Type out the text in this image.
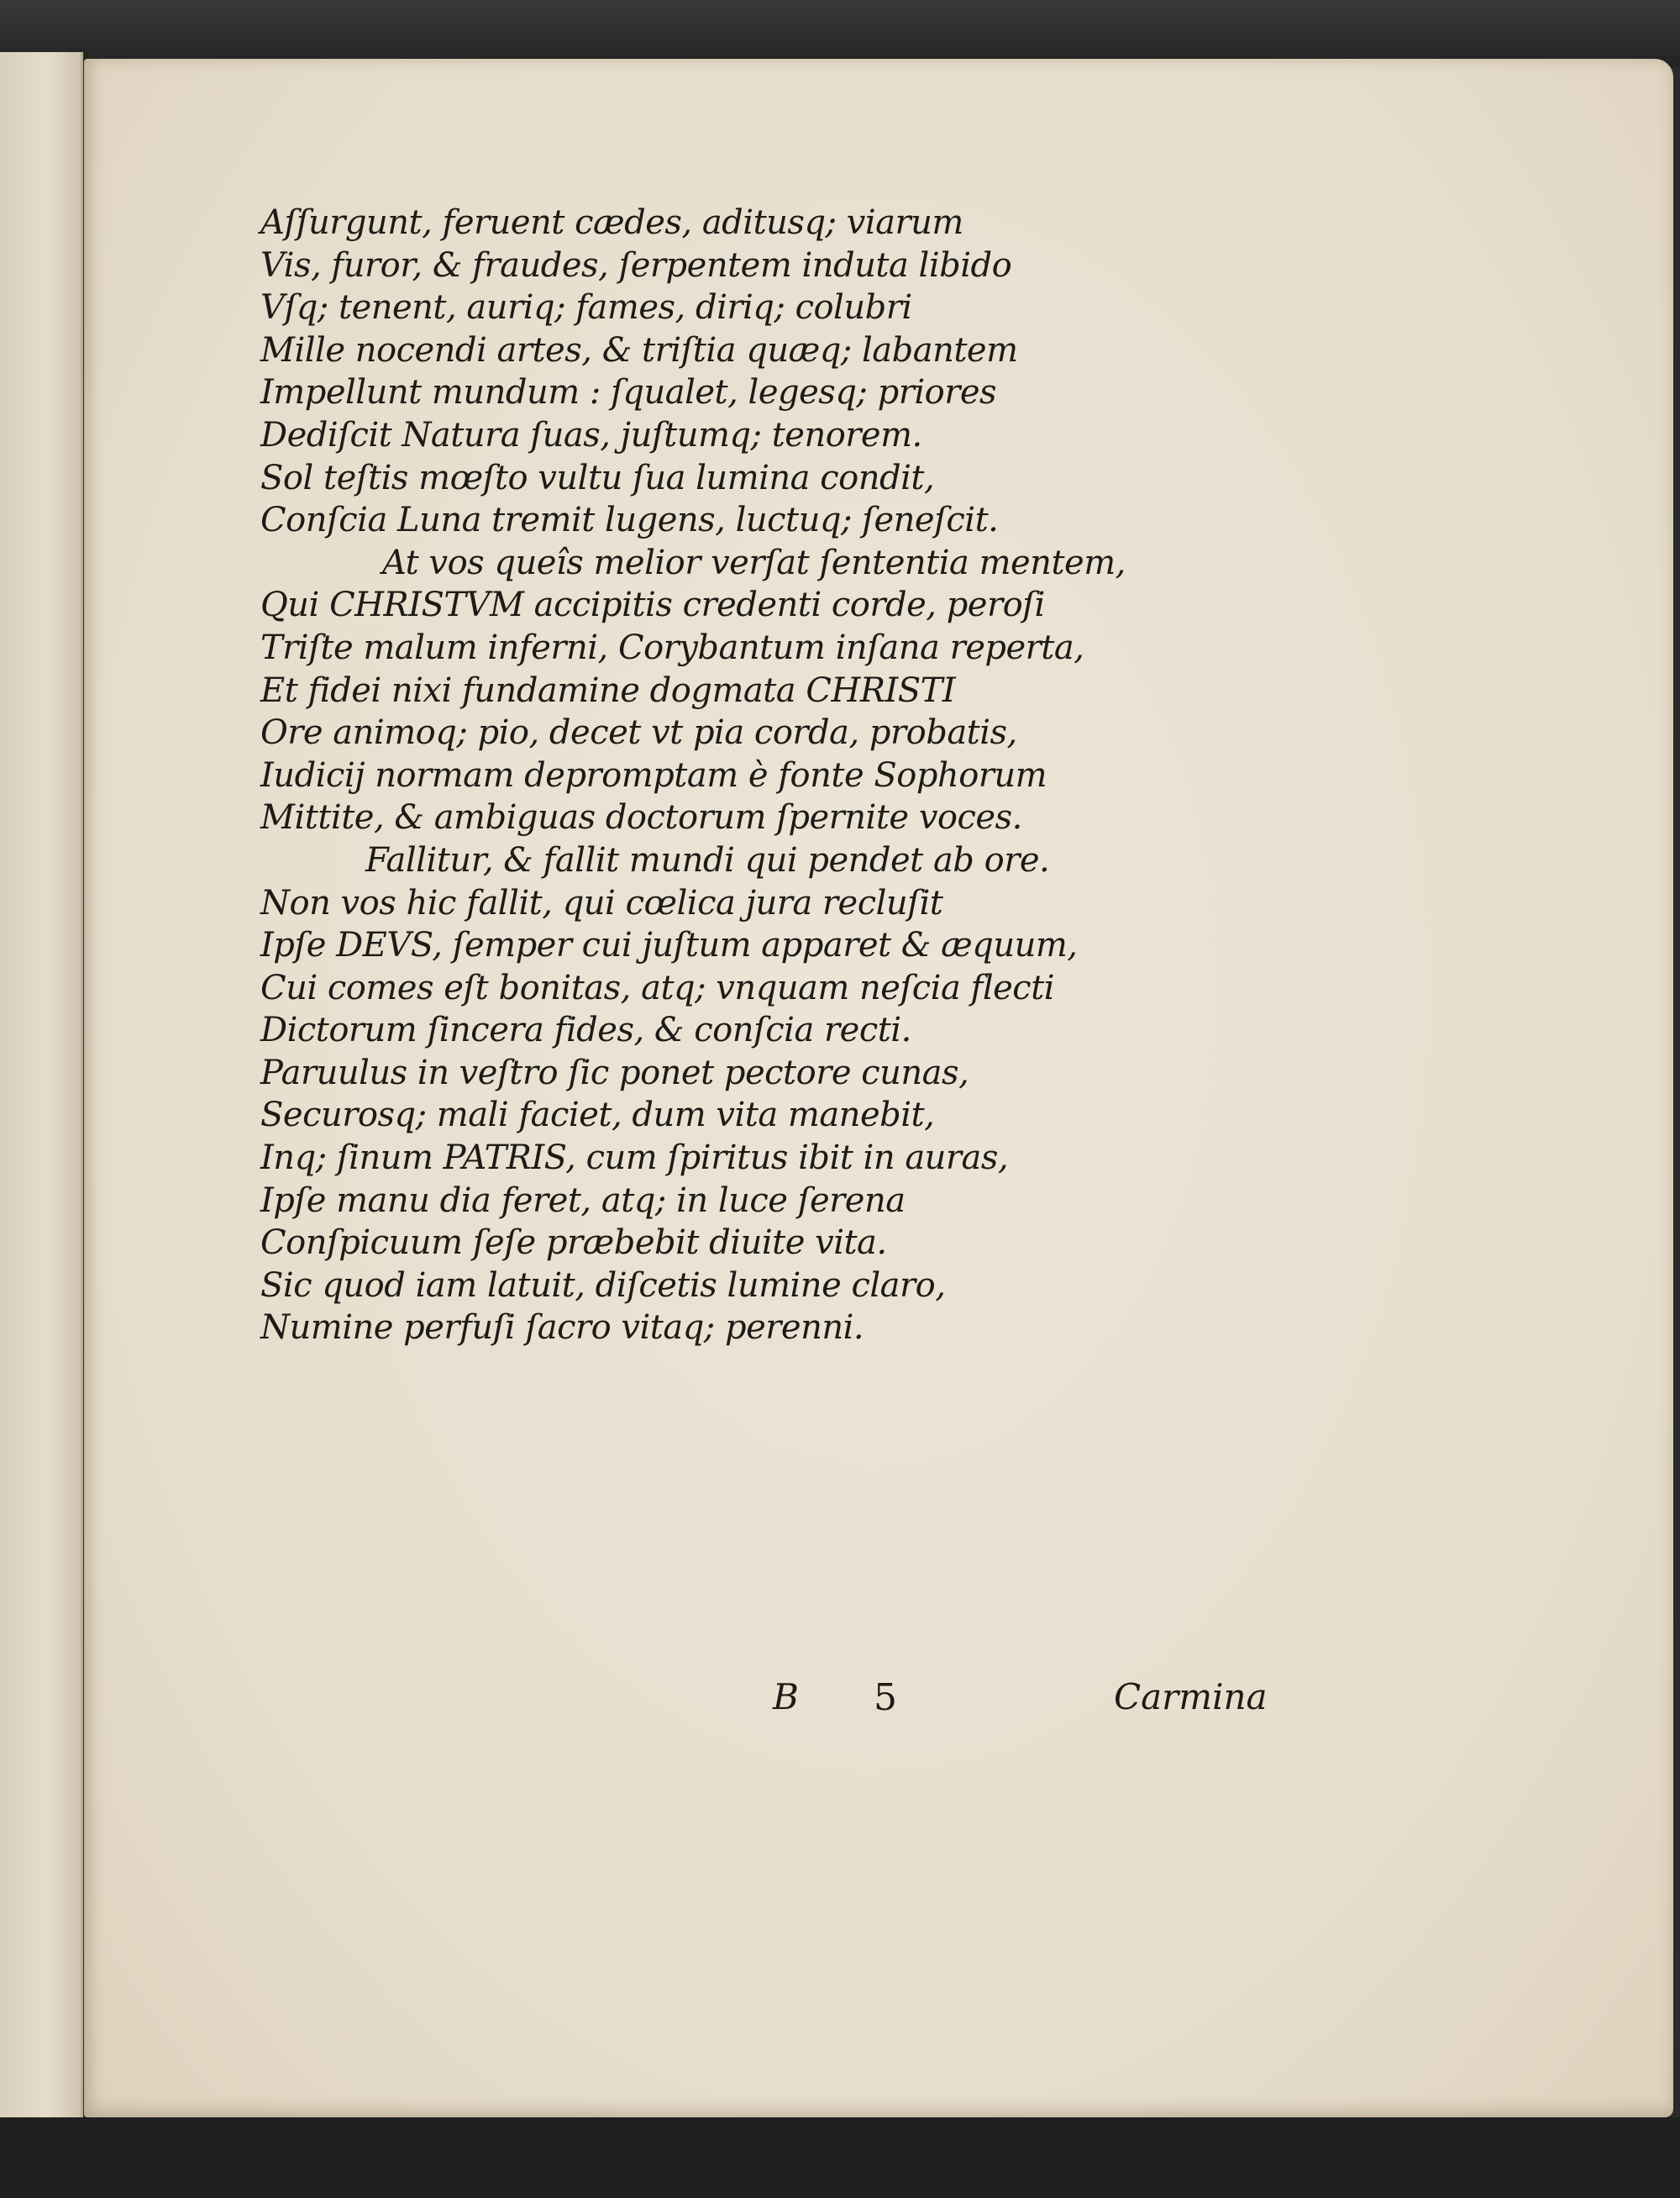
Aſſurgunt, feruent cædes, aditusq; viarum
Vis, furor, & fraudes, ſerpentem induta libido
Vſq; tenent, auriq; fames, diriq; colubri
Mille nocendi artes, & triſtia quæq; labantem
Impellunt mundum : ſqualet, legesq; priores
Dediſcit Natura ſuas, juſtumq; tenorem.
Sol teſtis mœſto vultu ſua lumina condit,
Conſcia Luna tremit lugens, luctuq; ſeneſcit.
At vos queîs melior verſat ſententia mentem,
Qui CHRISTVM accipitis credenti corde, peroſi
Triſte malum inferni, Corybantum inſana reperta,
Et fidei nixi fundamine dogmata CHRISTI
Ore animoq; pio, decet vt pia corda, probatis,
Iudicij normam depromptam è fonte Sophorum
Mittite, & ambiguas doctorum ſpernite voces.
Fallitur, & fallit mundi qui pendet ab ore.
Non vos hic fallit, qui cœlica jura recluſit
Ipſe DEVS, ſemper cui juſtum apparet & æquum,
Cui comes eſt bonitas, atq; vnquam neſcia flecti
Dictorum ſincera fides, & conſcia recti.
Paruulus in veſtro ſic ponet pectore cunas,
Securosq; mali faciet, dum vita manebit,
Inq; ſinum PATRIS, cum ſpiritus ibit in auras,
Ipſe manu dia feret, atq; in luce ſerena
Conſpicuum ſeſe præbebit diuite vita.
Sic quod iam latuit, diſcetis lumine claro,
Numine perfuſi ſacro vitaq; perenni.
B 5	Carmina
